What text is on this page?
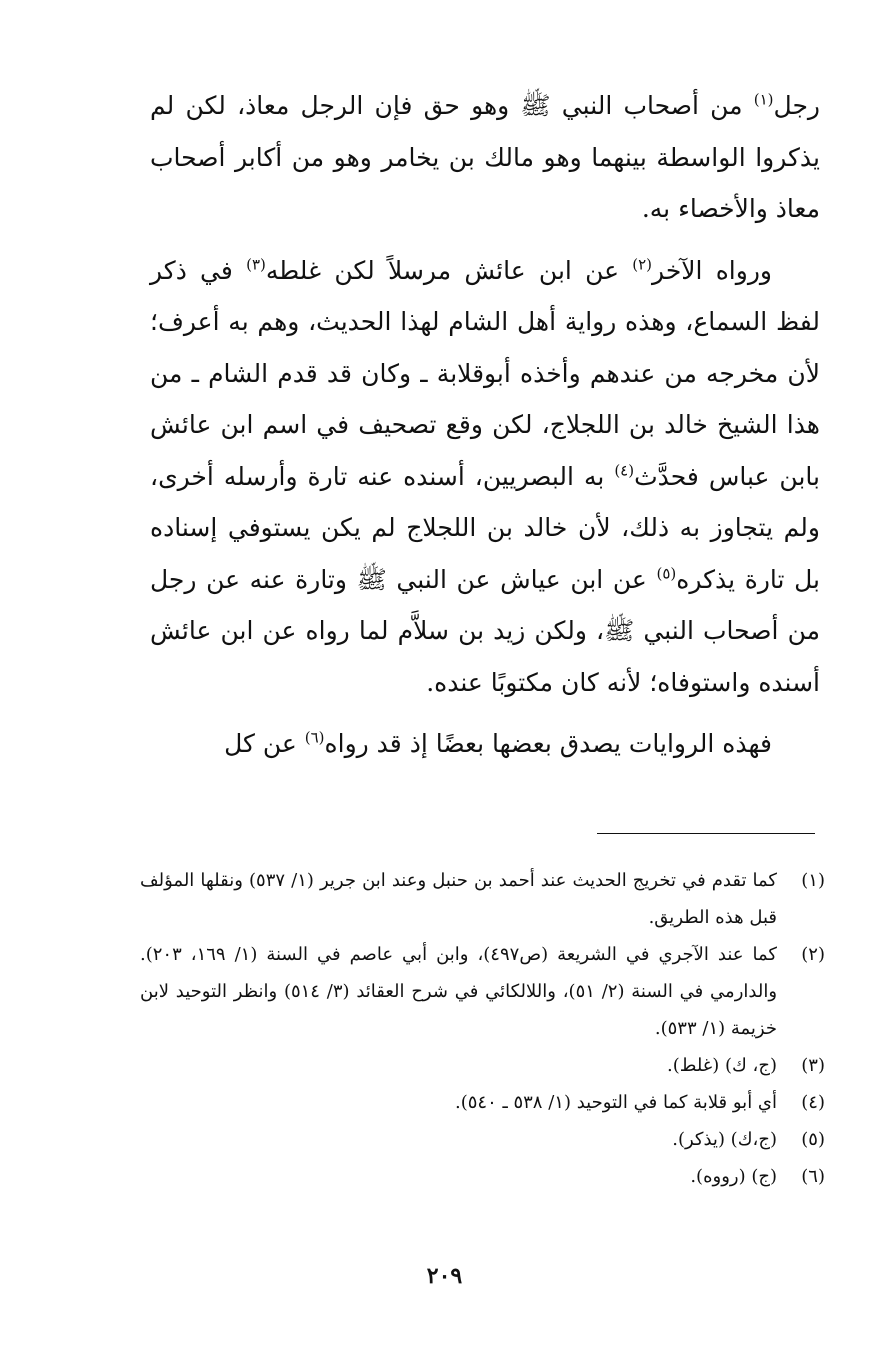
رجل$^{(١)}$ من أصحاب النبي ﷺ وهو حق فإن الرجل معاذ، لكن لم يذكروا الواسطة بينهما وهو مالك بن يخامر وهو من أكابر أصحاب معاذ والأخصاء به.

ورواه الآخر$^{(٢)}$ عن ابن عائش مرسلاً لكن غلطه$^{(٣)}$ في ذكر لفظ السماع، وهذه رواية أهل الشام لهذا الحديث، وهم به أعرف؛ لأن مخرجه من عندهم وأخذه أبوقلابة ـ وكان قد قدم الشام ـ من هذا الشيخ خالد بن اللجلاج، لكن وقع تصحيف في اسم ابن عائش بابن عباس فحدَّث$^{(٤)}$ به البصريين، أسنده عنه تارة وأرسله أخرى، ولم يتجاوز به ذلك، لأن خالد بن اللجلاج لم يكن يستوفي إسناده بل تارة يذكره$^{(٥)}$ عن ابن عياش عن النبي ﷺ وتارة عنه عن رجل من أصحاب النبي ﷺ، ولكن زيد بن سلاَّم لما رواه عن ابن عائش أسنده واستوفاه؛ لأنه كان مكتوبًا عنده.

فهذه الروايات يصدق بعضها بعضًا إذ قد رواه$^{(٦)}$ عن كل

(١)
كما تقدم في تخريج الحديث عند أحمد بن حنبل وعند ابن جرير (١/ ٥٣٧) ونقلها المؤلف قبل هذه الطريق.
(٢)
كما عند الآجري في الشريعة (ص٤٩٧)، وابن أبي عاصم في السنة (١/ ١٦٩، ٢٠٣). والدارمي في السنة (٢/ ٥١)، واللالكائي في شرح العقائد (٣/ ٥١٤) وانظر التوحيد لابن خزيمة (١/ ٥٣٣).
(٣)
(ج، ك) (غلط).
(٤)
أي أبو قلابة كما في التوحيد (١/ ٥٣٨ ـ ٥٤٠).
(٥)
(ج،ك) (يذكر).
(٦)
(ج) (رووه).
٢٠٩
